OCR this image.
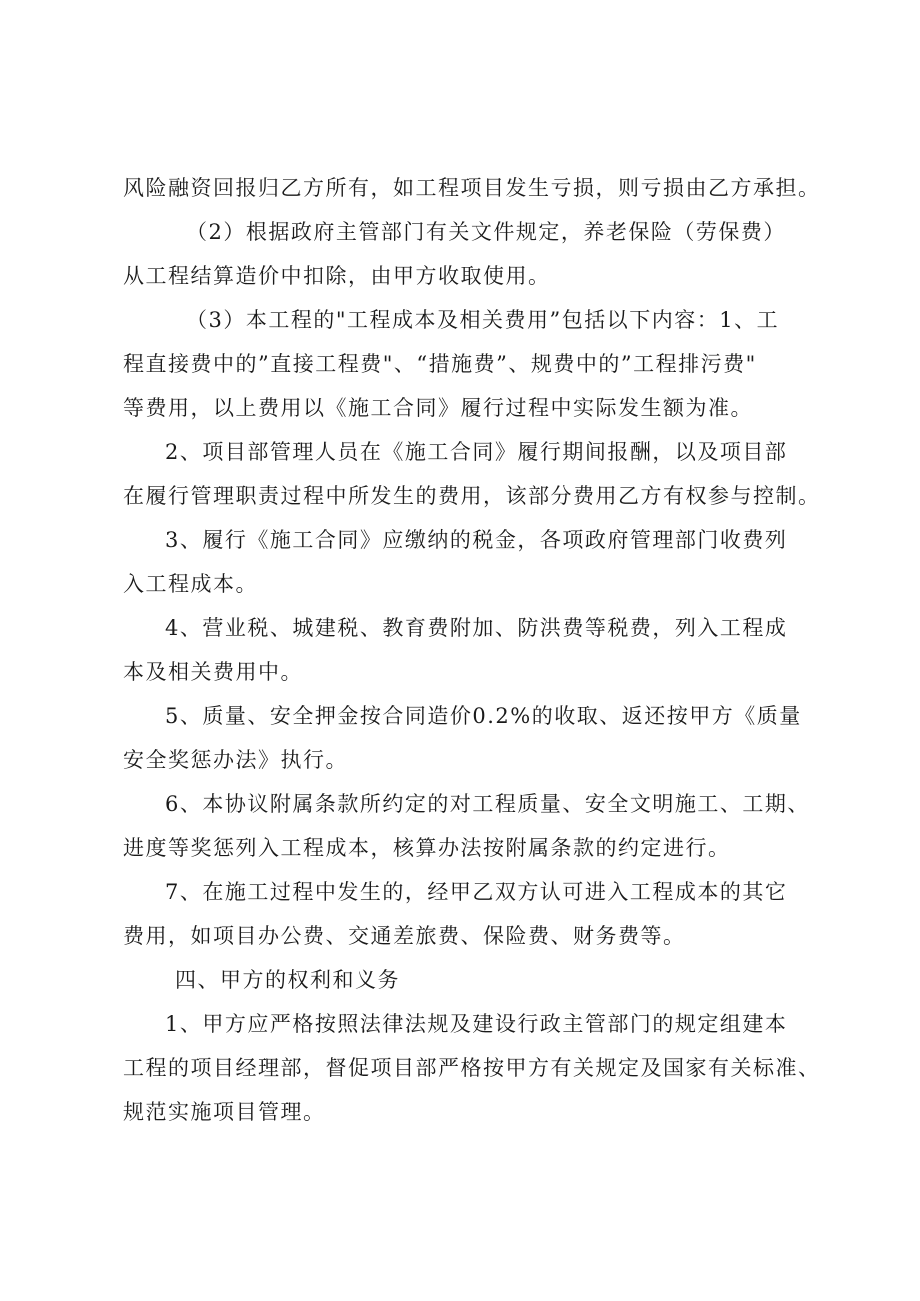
风险融资回报归乙方所有，如工程项目发生亏损，则亏损由乙方承担。
（2）根据政府主管部门有关文件规定，养老保险（劳保费）
从工程结算造价中扣除，由甲方收取使用。
（3）本工程的"工程成本及相关费用”包括以下内容：1、工
程直接费中的”直接工程费"、“措施费”、规费中的”工程排污费"
等费用，以上费用以《施工合同》履行过程中实际发生额为准。
2、项目部管理人员在《施工合同》履行期间报酬，以及项目部
在履行管理职责过程中所发生的费用，该部分费用乙方有权参与控制。
3、履行《施工合同》应缴纳的税金，各项政府管理部门收费列
入工程成本。
4、营业税、城建税、教育费附加、防洪费等税费，列入工程成
本及相关费用中。
5、质量、安全押金按合同造价0.2%的收取、返还按甲方《质量
安全奖惩办法》执行。
6、本协议附属条款所约定的对工程质量、安全文明施工、工期、
进度等奖惩列入工程成本，核算办法按附属条款的约定进行。
7、在施工过程中发生的，经甲乙双方认可进入工程成本的其它
费用，如项目办公费、交通差旅费、保险费、财务费等。
四、甲方的权利和义务
1、甲方应严格按照法律法规及建设行政主管部门的规定组建本
工程的项目经理部，督促项目部严格按甲方有关规定及国家有关标准、
规范实施项目管理。
